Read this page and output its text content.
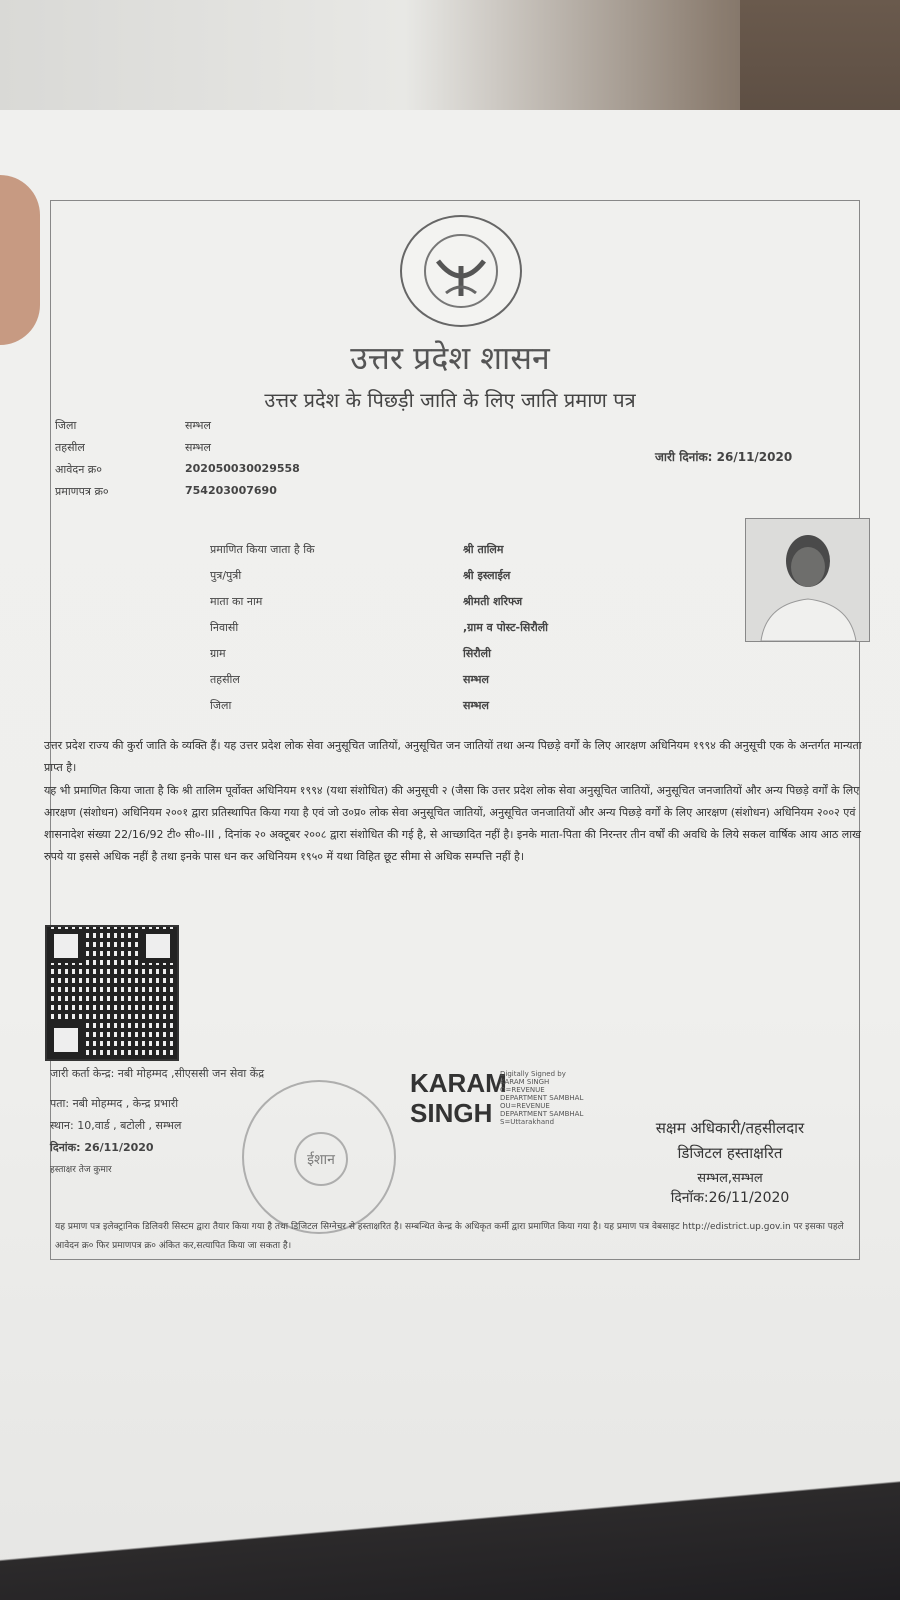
उत्तर प्रदेश शासन
उत्तर प्रदेश के पिछड़ी जाति के लिए जाति प्रमाण पत्र
जिला	सम्भल
तहसील	सम्भल
आवेदन क्र०	202050030029558
प्रमाणपत्र क्र०	754203007690
जारी दिनांक: 26/11/2020
प्रमाणित किया जाता है कि	श्री तालिम
पुत्र/पुत्री	श्री इस्लाईल
माता का नाम	श्रीमती शरिफ्ज
निवासी	,ग्राम व पोस्ट-सिरौली
ग्राम	सिरौली
तहसील	सम्भल
जिला	सम्भल
उत्तर प्रदेश राज्य की कुर्रा जाति के व्यक्ति हैं। यह उत्तर प्रदेश लोक सेवा अनुसूचित जातियों, अनुसूचित जन जातियों तथा अन्य पिछड़े वर्गों के लिए आरक्षण अधिनियम १९९४ की अनुसूची एक के अन्तर्गत मान्यता प्राप्त है।
यह भी प्रमाणित किया जाता है कि श्री तालिम पूर्वोक्त अधिनियम १९९४ (यथा संशोधित) की अनुसूची २ (जैसा कि उत्तर प्रदेश लोक सेवा अनुसूचित जातियों, अनुसूचित जनजातियों और अन्य पिछड़े वर्गों के लिए आरक्षण (संशोधन) अधिनियम २००१ द्वारा प्रतिस्थापित किया गया है एवं जो उ०प्र० लोक सेवा अनुसूचित जातियों, अनुसूचित जनजातियों और अन्य पिछड़े वर्गों के लिए आरक्षण (संशोधन) अधिनियम २००२ एवं शासनादेश संख्या 22/16/92 टी० सी०-III , दिनांक २० अक्टूबर २००८ द्वारा संशोधित की गई है, से आच्छादित नहीं है। इनके माता-पिता की निरन्तर तीन वर्षों की अवधि के लिये सकल वार्षिक आय आठ लाख रुपये या इससे अधिक नहीं है तथा इनके पास धन कर अधिनियम १९५० में यथा विहित छूट सीमा से अधिक सम्पत्ति नहीं है।
जारी कर्ता केन्द्र: नबी मोहम्मद ,सीएससी जन सेवा केंद्र
पता: नबी मोहम्मद , केन्द्र प्रभारी
स्थान: 10,वार्ड , बटोली , सम्भल
दिनांक: 26/11/2020
हस्ताक्षर तेज कुमार
ईशान
KARAM
SINGH
Digitally Signed by KARAM SINGH O=REVENUE DEPARTMENT SAMBHAL OU=REVENUE DEPARTMENT SAMBHAL S=Uttarakhand	सक्षम अधिकारी/तहसीलदार
डिजिटल हस्ताक्षरित
सम्भल,सम्भल
दिनॉक:26/11/2020
यह प्रमाण पत्र इलेक्ट्रानिक डिलिवरी सिस्टम द्वारा तैयार किया गया है तथा डिजिटल सिग्नेचर से हस्ताक्षरित है। सम्बन्धित केन्द्र के अधिकृत कर्मी द्वारा प्रमाणित किया गया है। यह प्रमाण पत्र वेबसाइट http://edistrict.up.gov.in पर इसका पहले आवेदन क्र० फिर प्रमाणपत्र क्र० अंकित कर,सत्यापित किया जा सकता है।
